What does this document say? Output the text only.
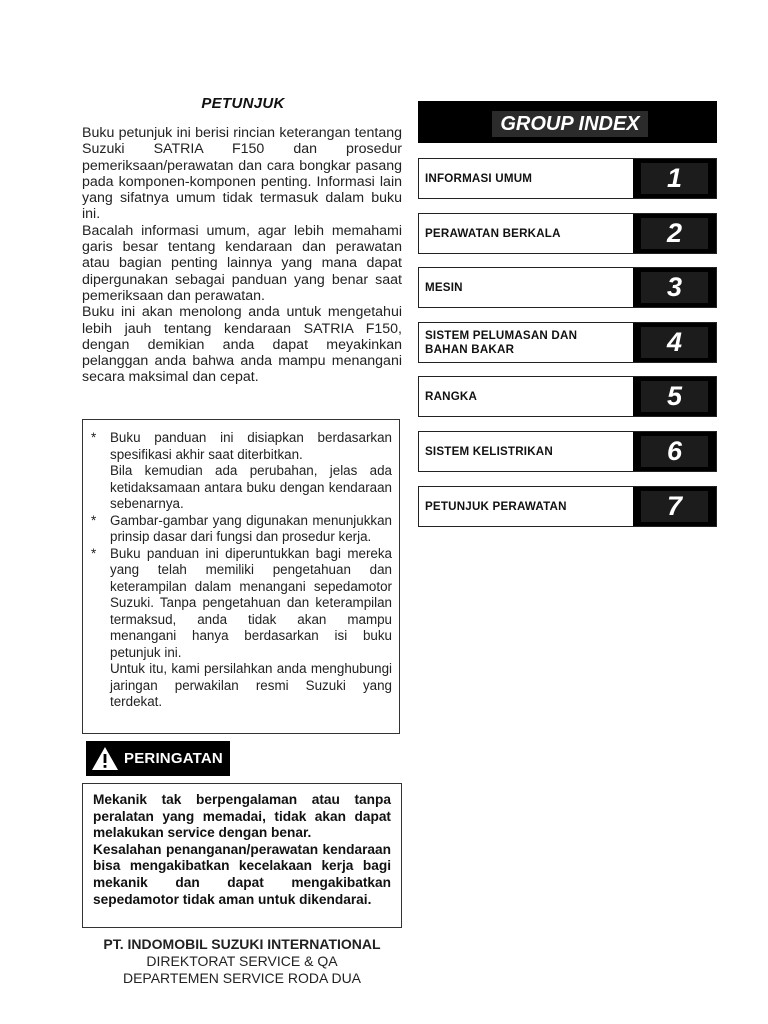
PETUNJUK

Buku petunjuk ini berisi rincian keterangan tentang Suzuki SATRIA F150 dan prosedur pemeriksaan/perawatan dan cara bongkar pasang pada komponen-komponen penting. Informasi lain yang sifatnya umum tidak termasuk dalam buku ini.

Bacalah informasi umum, agar lebih memahami garis besar tentang kendaraan dan perawatan atau bagian penting lainnya yang mana dapat dipergunakan sebagai panduan yang benar saat pemeriksaan dan perawatan.

Buku ini akan menolong anda untuk mengetahui lebih jauh tentang kendaraan SATRIA F150, dengan demikian anda dapat meyakinkan pelanggan anda bahwa anda mampu menangani secara maksimal dan cepat.

* Buku panduan ini disiapkan berdasarkan spesifikasi akhir saat diterbitkan.

Bila kemudian ada perubahan, jelas ada ketidaksamaan antara buku dengan kendaraan sebenarnya.

* Gambar-gambar yang digunakan menunjukkan prinsip dasar dari fungsi dan prosedur kerja.

* Buku panduan ini diperuntukkan bagi mereka yang telah memiliki pengetahuan dan keterampilan dalam menangani sepedamotor Suzuki. Tanpa pengetahuan dan keterampilan termaksud, anda tidak akan mampu menangani hanya berdasarkan isi buku petunjuk ini.

Untuk itu, kami persilahkan anda menghubungi jaringan perwakilan resmi Suzuki yang terdekat.

PERINGATAN

Mekanik tak berpengalaman atau tanpa peralatan yang memadai, tidak akan dapat melakukan service dengan benar.

Kesalahan penanganan/perawatan kendaraan bisa mengakibatkan kecelakaan kerja bagi mekanik dan dapat mengakibatkan sepedamotor tidak aman untuk dikendarai.

PT. INDOMOBIL SUZUKI INTERNATIONAL
DIREKTORAT SERVICE & QA
DEPARTEMEN SERVICE RODA DUA
GROUP INDEX
INFORMASI UMUM	1
PERAWATAN BERKALA	2
MESIN	3
SISTEM PELUMASAN DAN BAHAN BAKAR	4
RANGKA	5
SISTEM KELISTRIKAN	6
PETUNJUK PERAWATAN	7
